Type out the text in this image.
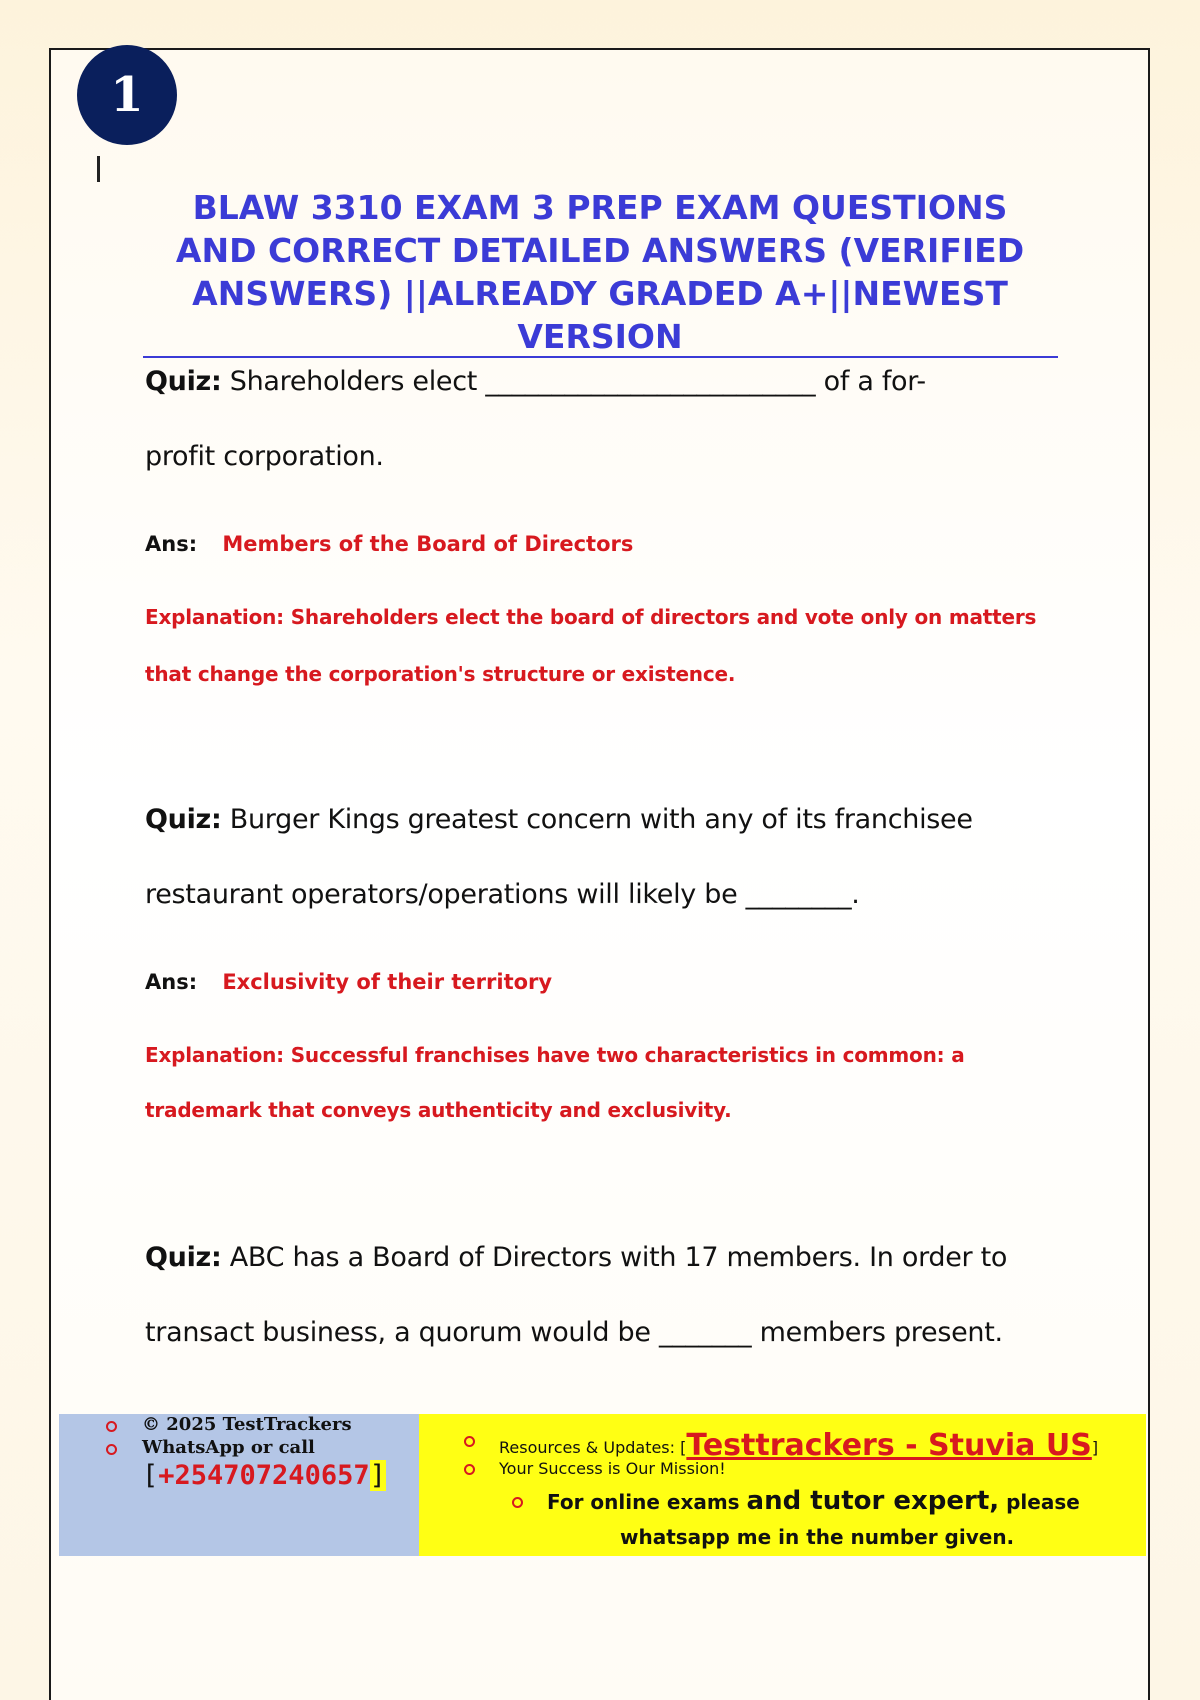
1
BLAW 3310 EXAM 3 PREP EXAM QUESTIONS
AND CORRECT DETAILED ANSWERS (VERIFIED
ANSWERS) ||ALREADY GRADED A+||NEWEST
VERSION
Quiz: Shareholders elect _________________________ of a for-
profit corporation.
Ans: Members of the Board of Directors
Explanation: Shareholders elect the board of directors and vote only on matters
that change the corporation's structure or existence.
Quiz: Burger Kings greatest concern with any of its franchisee
restaurant operators/operations will likely be ________.
Ans: Exclusivity of their territory
Explanation: Successful franchises have two characteristics in common: a
trademark that conveys authenticity and exclusivity.
Quiz: ABC has a Board of Directors with 17 members. In order to
transact business, a quorum would be _______ members present.
© 2025 TestTrackers
WhatsApp or call
[+254707240657]
Resources & Updates: [Testtrackers - Stuvia US]
Your Success is Our Mission!
For online exams and tutor expert, please
whatsapp me in the number given.
